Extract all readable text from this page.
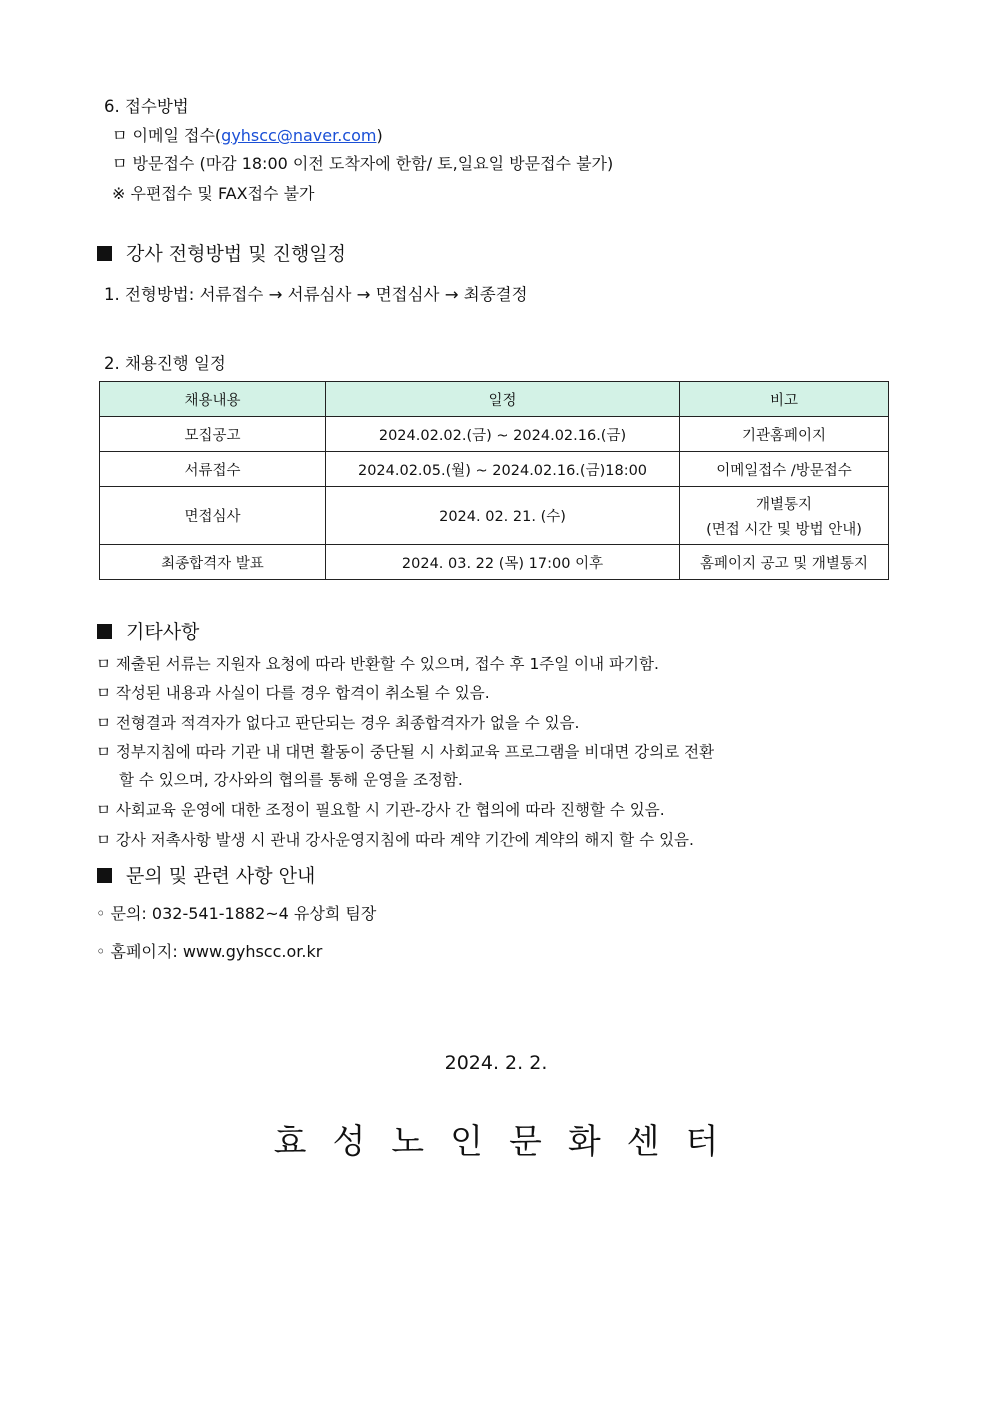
6. 접수방법
ㅁ 이메일 접수(gyhscc@naver.com)
ㅁ 방문접수 (마감 18:00 이전 도착자에 한함/ 토,일요일 방문접수 불가)
※ 우편접수 및 FAX접수 불가
강사 전형방법 및 진행일정
1. 전형방법: 서류접수 → 서류심사 → 면접심사 → 최종결정
2. 채용진행 일정
채용내용	일정	비고
모집공고	2024.02.02.(금) ~ 2024.02.16.(금)	기관홈페이지
서류접수	2024.02.05.(월) ~ 2024.02.16.(금)18:00	이메일접수 /방문접수
면접심사	2024. 02. 21. (수)	개별통지
(면접 시간 및 방법 안내)

최종합격자 발표	2024. 03. 22 (목) 17:00 이후	홈페이지 공고 및 개별통지
기타사항
ㅁ 제출된 서류는 지원자 요청에 따라 반환할 수 있으며, 접수 후 1주일 이내 파기함.
ㅁ 작성된 내용과 사실이 다를 경우 합격이 취소될 수 있음.
ㅁ 전형결과 적격자가 없다고 판단되는 경우 최종합격자가 없을 수 있음.
ㅁ 정부지침에 따라 기관 내 대면 활동이 중단될 시 사회교육 프로그램을 비대면 강의로 전환
할 수 있으며, 강사와의 협의를 통해 운영을 조정함.
ㅁ 사회교육 운영에 대한 조정이 필요할 시 기관-강사 간 협의에 따라 진행할 수 있음.
ㅁ 강사 저촉사항 발생 시 관내 강사운영지침에 따라 계약 기간에 계약의 해지 할 수 있음.
문의 및 관련 사항 안내
◦ 문의: 032-541-1882~4 유상희 팀장
◦ 홈페이지: www.gyhscc.or.kr
2024. 2. 2.
효성노인문화센터
